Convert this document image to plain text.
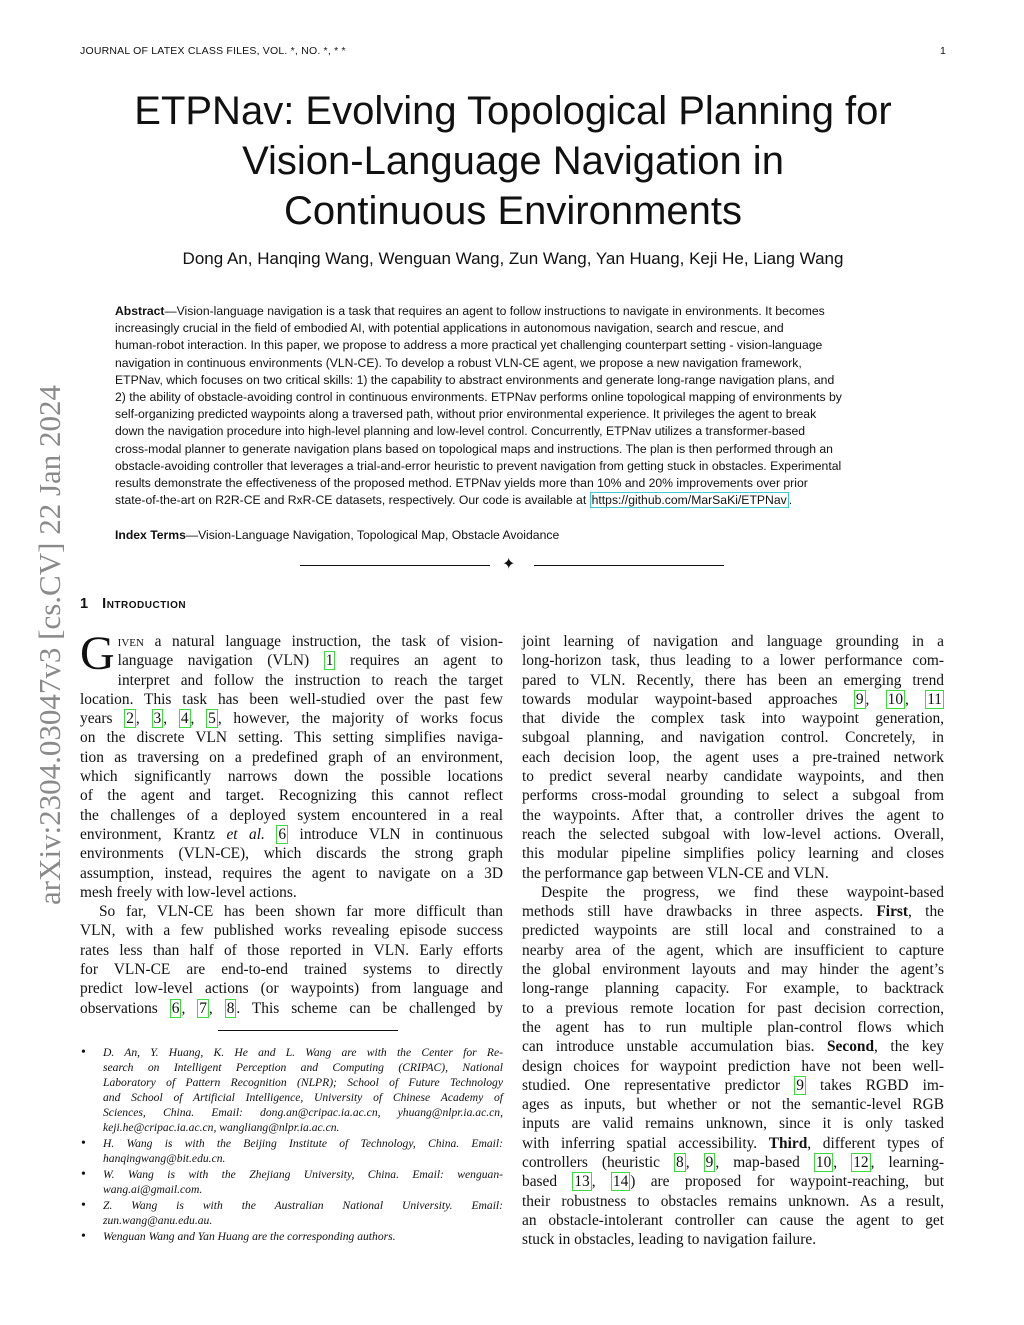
JOURNAL OF LATEX CLASS FILES, VOL. *, NO. *, * *	1
arXiv:2304.03047v3 [cs.CV] 22 Jan 2024
ETPNav: Evolving Topological Planning for
Vision-Language Navigation in
Continuous Environments
Dong An, Hanqing Wang, Wenguan Wang, Zun Wang, Yan Huang, Keji He, Liang Wang
Abstract—Vision-language navigation is a task that requires an agent to follow instructions to navigate in environments. It becomes
increasingly crucial in the field of embodied AI, with potential applications in autonomous navigation, search and rescue, and
human-robot interaction. In this paper, we propose to address a more practical yet challenging counterpart setting - vision-language
navigation in continuous environments (VLN-CE). To develop a robust VLN-CE agent, we propose a new navigation framework,
ETPNav, which focuses on two critical skills: 1) the capability to abstract environments and generate long-range navigation plans, and
2) the ability of obstacle-avoiding control in continuous environments. ETPNav performs online topological mapping of environments by
self-organizing predicted waypoints along a traversed path, without prior environmental experience. It privileges the agent to break
down the navigation procedure into high-level planning and low-level control. Concurrently, ETPNav utilizes a transformer-based
cross-modal planner to generate navigation plans based on topological maps and instructions. The plan is then performed through an
obstacle-avoiding controller that leverages a trial-and-error heuristic to prevent navigation from getting stuck in obstacles. Experimental
results demonstrate the effectiveness of the proposed method. ETPNav yields more than 10% and 20% improvements over prior
state-of-the-art on R2R-CE and RxR-CE datasets, respectively. Our code is available at https://github.com/MarSaKi/ETPNav .
Index Terms—Vision-Language Navigation, Topological Map, Obstacle Avoidance
✦
1 Introduction
Given a natural language instruction, the task of vision-
language navigation (VLN) 1 requires an agent to
interpret and follow the instruction to reach the target
location. This task has been well-studied over the past few
years 2 , 3 , 4 , 5 , however, the majority of works focus
on the discrete VLN setting. This setting simplifies naviga-
tion as traversing on a predefined graph of an environment,
which significantly narrows down the possible locations
of the agent and target. Recognizing this cannot reflect
the challenges of a deployed system encountered in a real
environment, Krantz et al. 6 introduce VLN in continuous
environments (VLN-CE), which discards the strong graph
assumption, instead, requires the agent to navigate on a 3D
mesh freely with low-level actions.
So far, VLN-CE has been shown far more difficult than
VLN, with a few published works revealing episode success
rates less than half of those reported in VLN. Early efforts
for VLN-CE are end-to-end trained systems to directly
predict low-level actions (or waypoints) from language and
observations 6 , 7 , 8 . This scheme can be challenged by
joint learning of navigation and language grounding in a
long-horizon task, thus leading to a lower performance com-
pared to VLN. Recently, there has been an emerging trend
towards modular waypoint-based approaches 9 , 10 , 11
that divide the complex task into waypoint generation,
subgoal planning, and navigation control. Concretely, in
each decision loop, the agent uses a pre-trained network
to predict several nearby candidate waypoints, and then
performs cross-modal grounding to select a subgoal from
the waypoints. After that, a controller drives the agent to
reach the selected subgoal with low-level actions. Overall,
this modular pipeline simplifies policy learning and closes
the performance gap between VLN-CE and VLN.
Despite the progress, we find these waypoint-based
methods still have drawbacks in three aspects. First, the
predicted waypoints are still local and constrained to a
nearby area of the agent, which are insufficient to capture
the global environment layouts and may hinder the agent’s
long-range planning capacity. For example, to backtrack
to a previous remote location for past decision correction,
the agent has to run multiple plan-control flows which
can introduce unstable accumulation bias. Second, the key
design choices for waypoint prediction have not been well-
studied. One representative predictor 9 takes RGBD im-
ages as inputs, but whether or not the semantic-level RGB
inputs are valid remains unknown, since it is only tasked
with inferring spatial accessibility. Third, different types of
controllers (heuristic 8 , 9 , map-based 10 , 12 , learning-
based 13 , 14 ) are proposed for waypoint-reaching, but
their robustness to obstacles remains unknown. As a result,
an obstacle-intolerant controller can cause the agent to get
stuck in obstacles, leading to navigation failure.
• D. An, Y. Huang, K. He and L. Wang are with the Center for Re-
search on Intelligent Perception and Computing (CRIPAC), National
Laboratory of Pattern Recognition (NLPR); School of Future Technology
and School of Artificial Intelligence, University of Chinese Academy of
Sciences, China. Email: dong.an@cripac.ia.ac.cn, yhuang@nlpr.ia.ac.cn,
keji.he@cripac.ia.ac.cn, wangliang@nlpr.ia.ac.cn.
• H. Wang is with the Beijing Institute of Technology, China. Email:
hanqingwang@bit.edu.cn.
• W. Wang is with the Zhejiang University, China. Email: wenguan-
wang.ai@gmail.com.
• Z. Wang is with the Australian National University. Email:
zun.wang@anu.edu.au.
• Wenguan Wang and Yan Huang are the corresponding authors.
